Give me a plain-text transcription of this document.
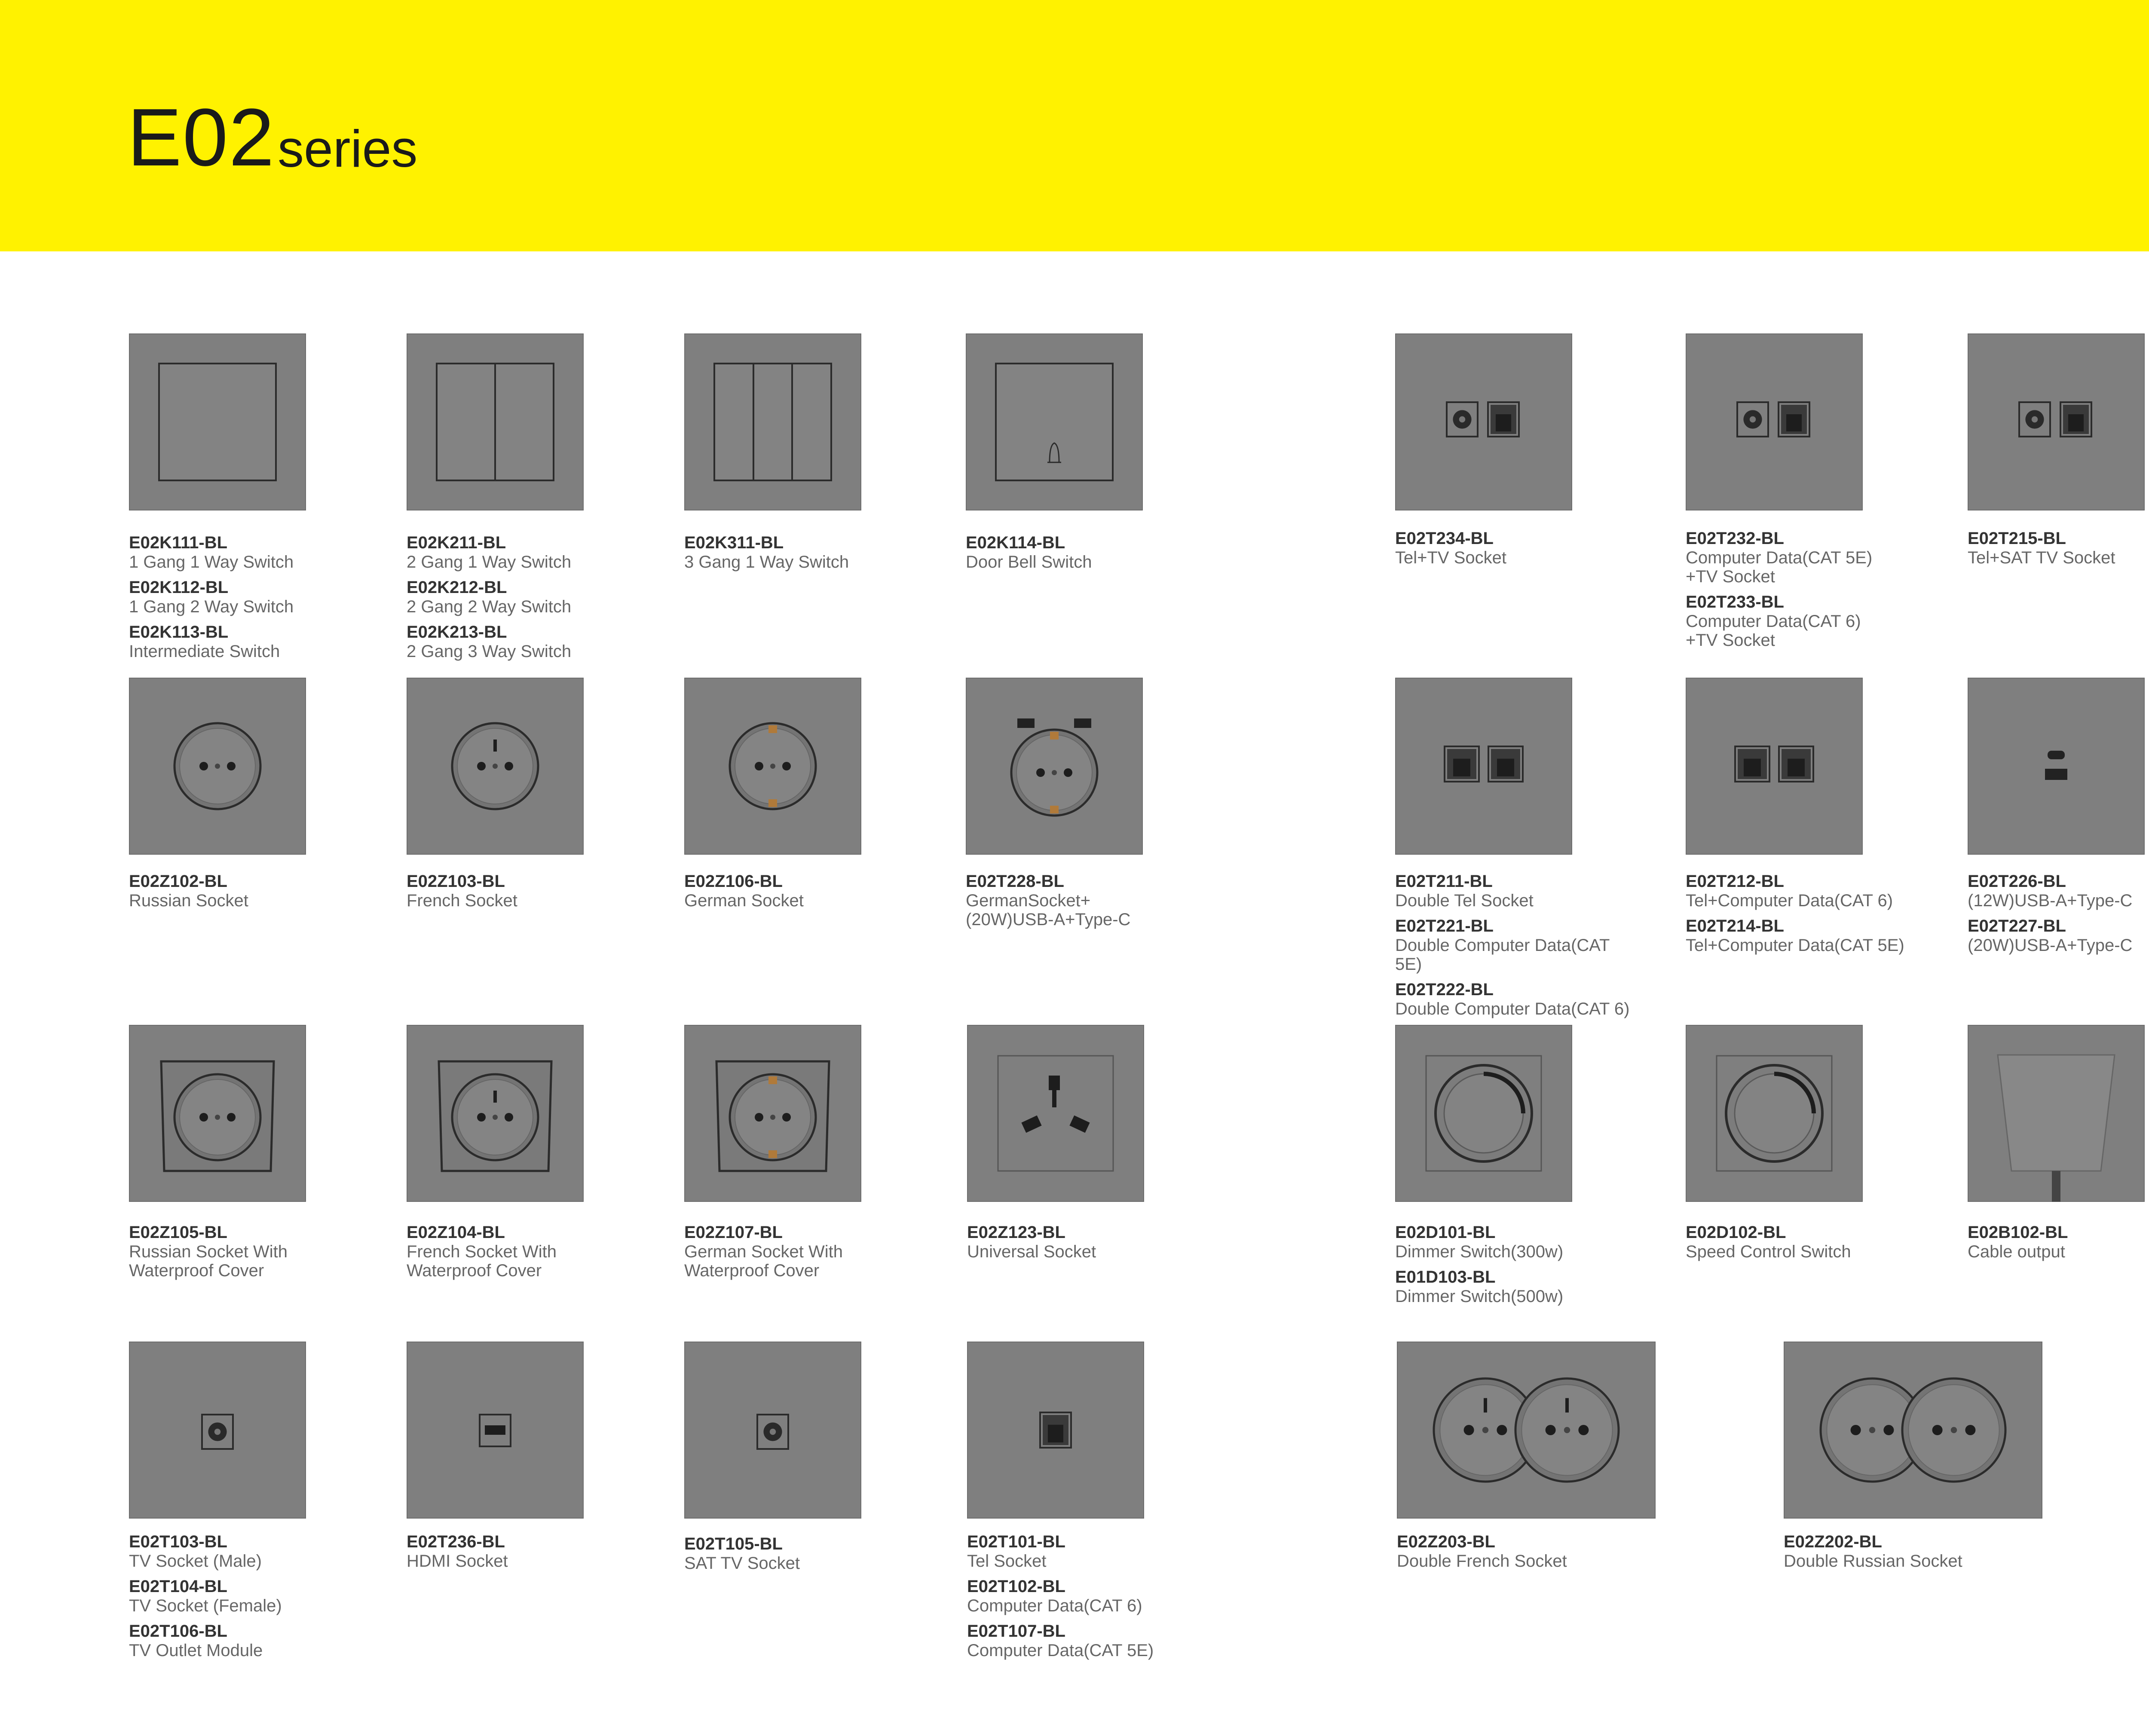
E02 series
E02K111-BL
1 Gang 1 Way Switch
E02K112-BL
1 Gang 2 Way Switch
E02K113-BL
Intermediate Switch
E02K211-BL
2 Gang 1 Way Switch
E02K212-BL
2 Gang 2 Way Switch
E02K213-BL
2 Gang 3 Way Switch
E02K311-BL
3 Gang 1 Way Switch
E02K114-BL
Door Bell Switch
E02T234-BL
Tel+TV Socket
E02T232-BL
Computer Data(CAT 5E)
+TV Socket
E02T233-BL
Computer Data(CAT 6)
+TV Socket
E02T215-BL
Tel+SAT TV Socket
E02Z102-BL
Russian Socket
E02Z103-BL
French Socket
E02Z106-BL
German Socket
E02T228-BL
GermanSocket+
(20W)USB-A+Type-C
E02T211-BL
Double Tel Socket
E02T221-BL
Double Computer Data(CAT 5E)
E02T222-BL
Double Computer Data(CAT 6)
E02T212-BL
Tel+Computer Data(CAT 6)
E02T214-BL
Tel+Computer Data(CAT 5E)
E02T226-BL
(12W)USB-A+Type-C
E02T227-BL
(20W)USB-A+Type-C
E02Z105-BL
Russian Socket With
Waterproof Cover
E02Z104-BL
French Socket With
Waterproof Cover
E02Z107-BL
German Socket With
Waterproof Cover
E02Z123-BL
Universal Socket
E02D101-BL
Dimmer Switch(300w)
E01D103-BL
Dimmer Switch(500w)
E02D102-BL
Speed Control Switch
E02B102-BL
Cable output
E02T103-BL
TV Socket (Male)
E02T104-BL
TV Socket (Female)
E02T106-BL
TV Outlet Module
E02T236-BL
HDMI Socket
E02T105-BL
SAT TV Socket
E02T101-BL
Tel Socket
E02T102-BL
Computer Data(CAT 6)
E02T107-BL
Computer Data(CAT 5E)
E02Z203-BL
Double French Socket
E02Z202-BL
Double Russian Socket
